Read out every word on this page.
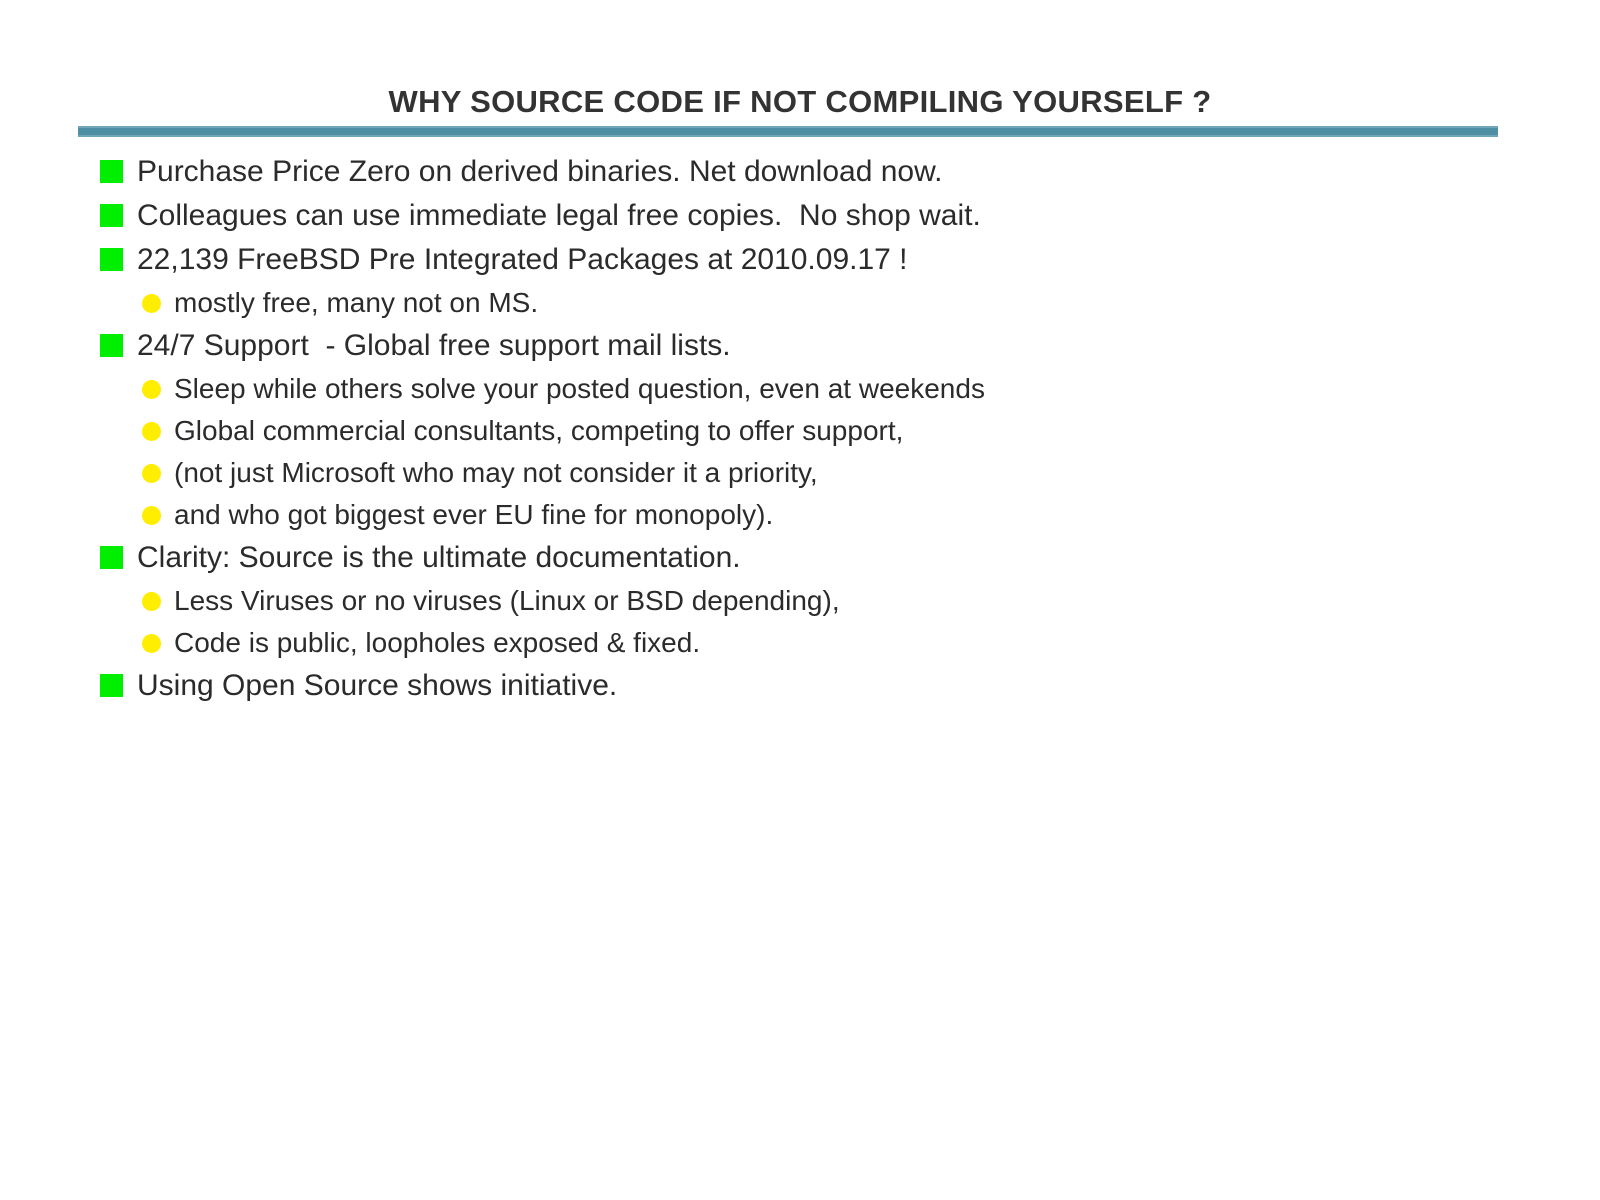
WHY SOURCE CODE IF NOT COMPILING YOURSELF ?
Purchase Price Zero on derived binaries. Net download now.
Colleagues can use immediate legal free copies.  No shop wait.
22,139 FreeBSD Pre Integrated Packages at 2010.09.17 !
mostly free, many not on MS.
24/7 Support  - Global free support mail lists.
Sleep while others solve your posted question, even at weekends
Global commercial consultants, competing to offer support,
(not just Microsoft who may not consider it a priority,
and who got biggest ever EU fine for monopoly).
Clarity: Source is the ultimate documentation.
Less Viruses or no viruses (Linux or BSD depending),
Code is public, loopholes exposed & fixed.
Using Open Source shows initiative.
